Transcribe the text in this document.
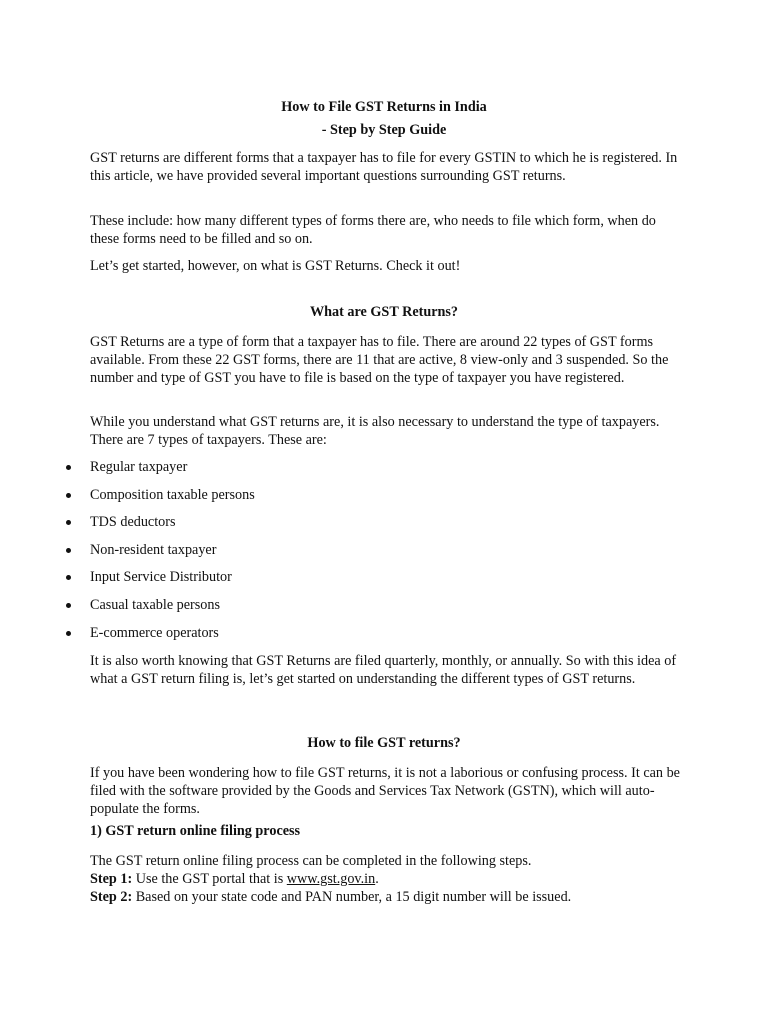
How to File GST Returns in India
- Step by Step Guide

GST returns are different forms that a taxpayer has to file for every GSTIN to which he is registered. In this article, we have provided several important questions surrounding GST returns.

These include: how many different types of forms there are, who needs to file which form, when do these forms need to be filled and so on.

Let’s get started, however, on what is GST Returns. Check it out!

What are GST Returns?

GST Returns are a type of form that a taxpayer has to file. There are around 22 types of GST forms available. From these 22 GST forms, there are 11 that are active, 8 view-only and 3 suspended. So the number and type of GST you have to file is based on the type of taxpayer you have registered.

While you understand what GST returns are, it is also necessary to understand the type of taxpayers. There are 7 types of taxpayers. These are:

Regular taxpayer
Composition taxable persons
TDS deductors
Non-resident taxpayer
Input Service Distributor
Casual taxable persons
E-commerce operators

It is also worth knowing that GST Returns are filed quarterly, monthly, or annually. So with this idea of what a GST return filing is, let’s get started on understanding the different types of GST returns.

How to file GST returns?

If you have been wondering how to file GST returns, it is not a laborious or confusing process. It can be filed with the software provided by the Goods and Services Tax Network (GSTN), which will auto-populate the forms.

1) GST return online filing process

The GST return online filing process can be completed in the following steps.

Step 1: Use the GST portal that is www.gst.gov.in.
Step 2: Based on your state code and PAN number, a 15 digit number will be issued.
